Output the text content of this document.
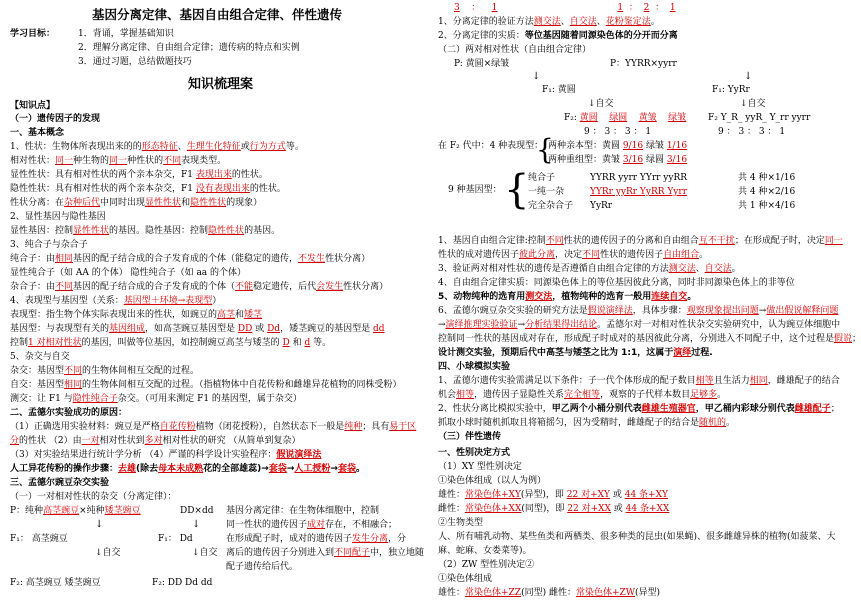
基因分离定律、基因自由组合定律、伴性遗传
学习目标：	1．背诵，掌握基础知识
2．理解分离定律、自由组合定律；遗传病的特点和实例
3．通过习题，总结做题技巧
知识梳理案
【知识点】
（一）遗传因子的发现
一、基本概念
1、性状：生物体所表现出来的的形态特征、生理生化特征或行为方式等。
相对性状：同一种生物的同一种性状的不同表现类型。
显性性状：具有相对性状的两个亲本杂交，F1 表现出来的性状。
隐性性状：具有相对性状的两个亲本杂交，F1 没有表现出来的性状。
性状分离：在杂种后代中同时出现显性性状和隐性性状的现象）
2、显性基因与隐性基因
显性基因：控制显性性状的基因。隐性基因：控制隐性性状的基因。
3、纯合子与杂合子
纯合子：由相同基因的配子结合成的合子发育成的个体（能稳定的遗传，不发生性状分离）
显性纯合子（如 AA 的个体） 隐性纯合子（如 aa 的个体）
杂合子：由不同基因的配子结合成的合子发育成的个体（不能稳定遗传，后代会发生性状分离）
4、表现型与基因型（关系：基因型＋环境→表现型）
表现型：指生物个体实际表现出来的性状，如豌豆的高茎和矮茎
基因型：与表现型有关的基因组成，如高茎豌豆基因型是 DD 或 Dd，矮茎豌豆的基因型是 dd
控制1 对相对性状的基因，叫做等位基因，如控制豌豆高茎与矮茎的 D 和 d 等。
5、杂交与自交
杂交：基因型不同的生物体间相互交配的过程。
自交：基因型相同的生物体间相互交配的过程。（指植物体中自花传粉和雌雄异花植物的同株受粉）
测交：让 F1 与隐性纯合子杂交。（可用来测定 F1 的基因型，属于杂交）
二、孟德尔实验成功的原因：
（1）正确选用实验材料：豌豆是严格自花传粉植物（闭花授粉），自然状态下一般是纯种；具有易于区
分的性状 （2）由一对相对性状到多对相对性状的研究 （从简单到复杂）
（3）对实验结果进行统计学分析 （4）严谨的科学设计实验程序：假说演绎法
人工异花传粉的操作步骤：去雄(除去母本未成熟花的全部雄蕊)→套袋→人工授粉→套袋。
三、孟德尔豌豆杂交实验
（一）一对相对性状的杂交（分离定律）：
P：纯种高茎豌豆×纯种矮茎豌豆	DD×dd 基因分离定律：在生物体细胞中，控制
↓	↓	同一性状的遗传因子成对存在，不相融合；
F₁： 高茎豌豆	F₁： Dd	在形成配子时，成对的遗传因子发生分离，分
↓自交	↓自交 离后的遗传因子分别进入到不同配子中，独立地随
配子遗传给后代。
F₂: 高茎豌豆 矮茎豌豆	F₂: DD Dd dd
3 ： 1	1 ： 2 ： 1
1、分离定律的验证方法测交法、自交法、花粉鉴定法。
2、分离定律的实质：等位基因随着同源染色体的分开而分离
（二）两对相对性状（自由组合定律）
P: 黄圆×绿皱	P：YYRR×yyrr
↓	↓
F₁: 黄圆	F₁: YyRr
↓自交	↓自交
F₂: 黄圆 绿圆 黄皱 绿皱 F₂ Y_R_ yyR_ Y_rr yyrr
9 ： 3 ： 3 ： 1	9 ： 3 ： 3 ： 1
在 F₂ 代中：4 种表现型：
{
两种亲本型：黄圆 9/16 绿皱 1/16
两种重组型：黄皱 3/16 绿圆 3/16
9 种基因型： {
纯合子	YYRR yyrr YYrr yyRR	共 4 种×1/16
一纯一杂	YYRr yyRr YyRR Yyrr	共 4 种×2/16
完全杂合子 YyRr	共 1 种×4/16
1、基因自由组合定律:控制不同性状的遗传因子的分离和自由组合互不干扰；在形成配子时，决定同一
性状的成对遗传因子彼此分离，决定不同性状的遗传因子自由组合。
3、验证两对相对性状的遗传是否遵循自由组合定律的方法测交法、自交法。
4、自由组合定律实质：同源染色体上的等位基因彼此分离，同时非同源染色体上的非等位
5、动物纯种的选育用测交法，植物纯种的选育一般用连续自交。
6、孟德尔豌豆杂交实验的研究方法是假说演绎法，具体步骤：观察现象提出问题→做出假说解释问题
→演绎推理实验验证→分析结果得出结论。孟德尔对一对相对性状杂交实验研究中，认为豌豆体细胞中
控制同一性状的基因成对存在，形成配子时成对的基因彼此分离，分别进入不同配子中，这个过程是假说；
设计测交实验，预期后代中高茎与矮茎之比为 1:1，这属于演绎过程.
四、小球模拟实验
1、孟德尔遗传实验需满足以下条件：子一代个体形成的配子数目相等且生活力相同，雌雄配子的结合
机会相等，遗传因子显隐性关系完全相等，观察的子代样本数目足够多。
2、性状分离比模拟实验中，甲乙两个小桶分别代表雌雄生殖器官，甲乙桶内彩球分别代表雌雄配子；
抓取小球时随机抓取且将箱摇匀，因为受精时，雌雄配子的结合是随机的。
（三）伴性遗传
一、性别决定方式
（1）XY 型性别决定
①染色体组成（以人为例）
雄性：常染色体+XY(异型)，即 22 对+XY 或 44 条+XY
雌性：常染色体+XX(同型)，即 22 对+XX 或 44 条+XX
②生物类型
人、所有哺乳动物、某些鱼类和两栖类、很多种类的昆虫(如果蝇)、很多雌雄异株的植物(如菠菜、大
麻、蛇麻、女娄菜等)。
（2）ZW 型性别决定②
①染色体组成
雄性：常染色体+ZZ(同型) 雌性：常染色体+ZW(异型)
